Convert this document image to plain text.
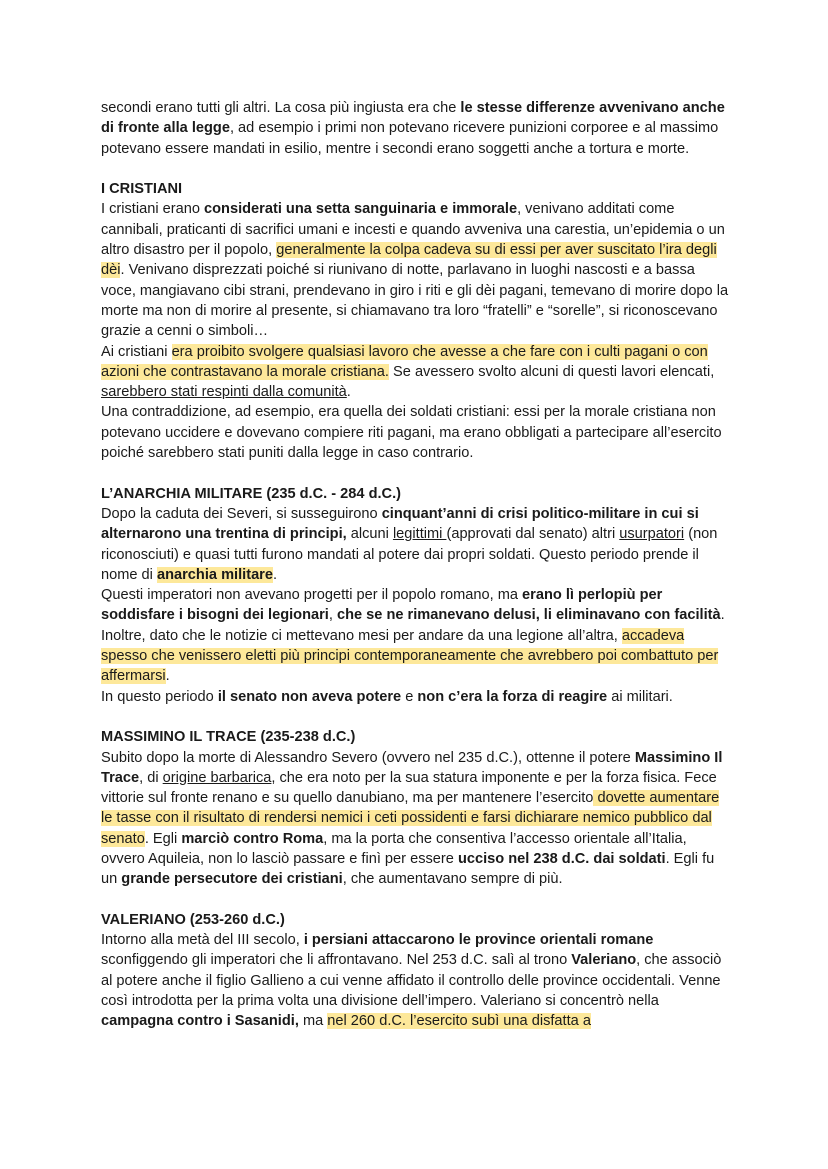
secondi erano tutti gli altri. La cosa più ingiusta era che le stesse differenze avvenivano anche di fronte alla legge, ad esempio i primi non potevano ricevere punizioni corporee e al massimo potevano essere mandati in esilio, mentre i secondi erano soggetti anche a tortura e morte.

I CRISTIANI

I cristiani erano considerati una setta sanguinaria e immorale, venivano additati come cannibali, praticanti di sacrifici umani e incesti e quando avveniva una carestia, un’epidemia o un altro disastro per il popolo, generalmente la colpa cadeva su di essi per aver suscitato l’ira degli dèi. Venivano disprezzati poiché si riunivano di notte, parlavano in luoghi nascosti e a bassa voce, mangiavano cibi strani, prendevano in giro i riti e gli dèi pagani, temevano di morire dopo la morte ma non di morire al presente, si chiamavano tra loro “fratelli” e “sorelle”, si riconoscevano grazie a cenni o simboli…

Ai cristiani era proibito svolgere qualsiasi lavoro che avesse a che fare con i culti pagani o con azioni che contrastavano la morale cristiana. Se avessero svolto alcuni di questi lavori elencati, sarebbero stati respinti dalla comunità.

Una contraddizione, ad esempio, era quella dei soldati cristiani: essi per la morale cristiana non potevano uccidere e dovevano compiere riti pagani, ma erano obbligati a partecipare all’esercito poiché sarebbero stati puniti dalla legge in caso contrario.

L’ANARCHIA MILITARE (235 d.C. - 284 d.C.)

Dopo la caduta dei Severi, si susseguirono cinquant’anni di crisi politico-militare in cui si alternarono una trentina di principi, alcuni legittimi (approvati dal senato) altri usurpatori (non riconosciuti) e quasi tutti furono mandati al potere dai propri soldati. Questo periodo prende il nome di anarchia militare.

Questi imperatori non avevano progetti per il popolo romano, ma erano lì perlopiù per soddisfare i bisogni dei legionari, che se ne rimanevano delusi, li eliminavano con facilità. Inoltre, dato che le notizie ci mettevano mesi per andare da una legione all’altra, accadeva spesso che venissero eletti più principi contemporaneamente che avrebbero poi combattuto per affermarsi.

In questo periodo il senato non aveva potere e non c’era la forza di reagire ai militari.

MASSIMINO IL TRACE (235-238 d.C.)

Subito dopo la morte di Alessandro Severo (ovvero nel 235 d.C.), ottenne il potere Massimino Il Trace, di origine barbarica, che era noto per la sua statura imponente e per la forza fisica. Fece vittorie sul fronte renano e su quello danubiano, ma per mantenere l’esercito dovette aumentare le tasse con il risultato di rendersi nemici i ceti possidenti e farsi dichiarare nemico pubblico dal senato. Egli marciò contro Roma, ma la porta che consentiva l’accesso orientale all’Italia, ovvero Aquileia, non lo lasciò passare e finì per essere ucciso nel 238 d.C. dai soldati. Egli fu un grande persecutore dei cristiani, che aumentavano sempre di più.

VALERIANO (253-260 d.C.)

Intorno alla metà del III secolo, i persiani attaccarono le province orientali romane sconfiggendo gli imperatori che li affrontavano. Nel 253 d.C. salì al trono Valeriano, che associò al potere anche il figlio Gallieno a cui venne affidato il controllo delle province occidentali. Venne così introdotta per la prima volta una divisione dell’impero. Valeriano si concentrò nella campagna contro i Sasanidi, ma nel 260 d.C. l’esercito subì una disfatta a
